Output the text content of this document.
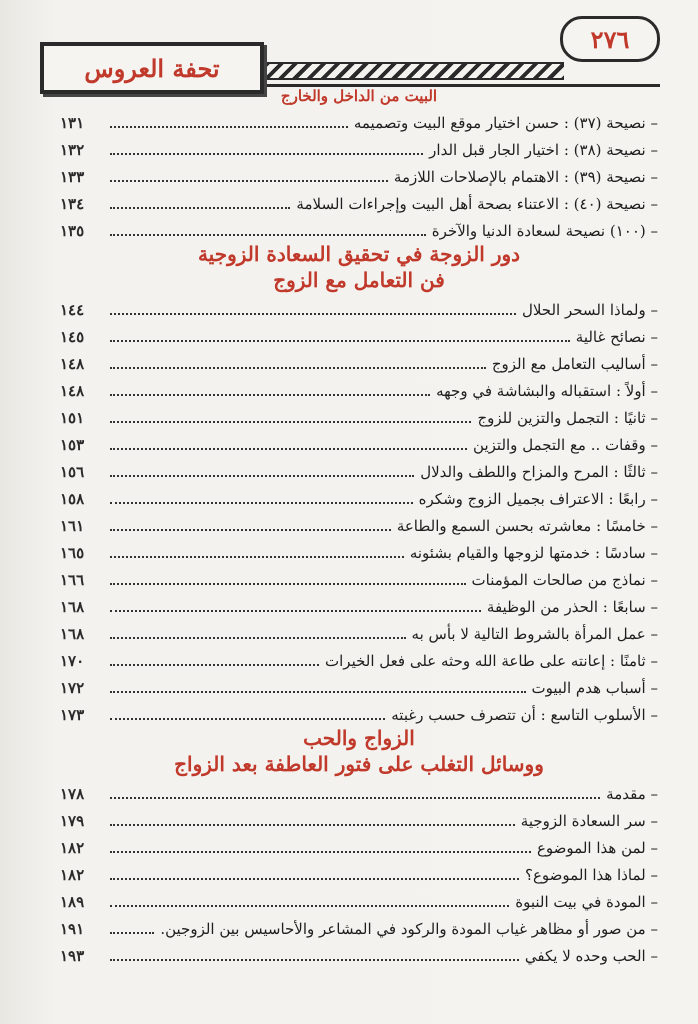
٢٧٦
تحفة العروس
البيت من الداخل والخارج
– نصيحة (٣٧) : حسن اختيار موقع البيت وتصميمه
١٣١
– نصيحة (٣٨) : اختيار الجار قبل الدار
١٣٢
– نصيحة (٣٩) : الاهتمام بالإصلاحات اللازمة
١٣٣
– نصيحة (٤٠) : الاعتناء بصحة أهل البيت وإجراءات السلامة
١٣٤
– (١٠٠) نصيحة لسعادة الدنيا والآخرة
١٣٥
دور الزوجة في تحقيق السعادة الزوجية
فن التعامل مع الزوج
– ولماذا السحر الحلال
١٤٤
– نصائح غالية
١٤٥
– أساليب التعامل مع الزوج
١٤٨
– أولاً : استقباله والبشاشة في وجهه
١٤٨
– ثانيًا : التجمل والتزين للزوج
١٥١
– وقفات .. مع التجمل والتزين
١٥٣
– ثالثًا : المرح والمزاح واللطف والدلال
١٥٦
– رابعًا : الاعتراف بجميل الزوج وشكره
١٥٨
– خامسًا : معاشرته بحسن السمع والطاعة
١٦١
– سادسًا : خدمتها لزوجها والقيام بشئونه
١٦٥
– نماذج من صالحات المؤمنات
١٦٦
– سابعًا : الحذر من الوظيفة
١٦٨
– عمل المرأة بالشروط التالية لا بأس به
١٦٨
– ثامنًا : إعانته على طاعة الله وحثه على فعل الخيرات
١٧٠
– أسباب هدم البيوت
١٧٢
– الأسلوب التاسع : أن تتصرف حسب رغبته
١٧٣
الزواج والحب
ووسائل التغلب على فتور العاطفة بعد الزواج
– مقدمة
١٧٨
– سر السعادة الزوجية
١٧٩
– لمن هذا الموضوع
١٨٢
– لماذا هذا الموضوع؟
١٨٢
– المودة في بيت النبوة
١٨٩
– من صور أو مظاهر غياب المودة والركود في المشاعر والأحاسيس بين الزوجين.
١٩١
– الحب وحده لا يكفي
١٩٣
